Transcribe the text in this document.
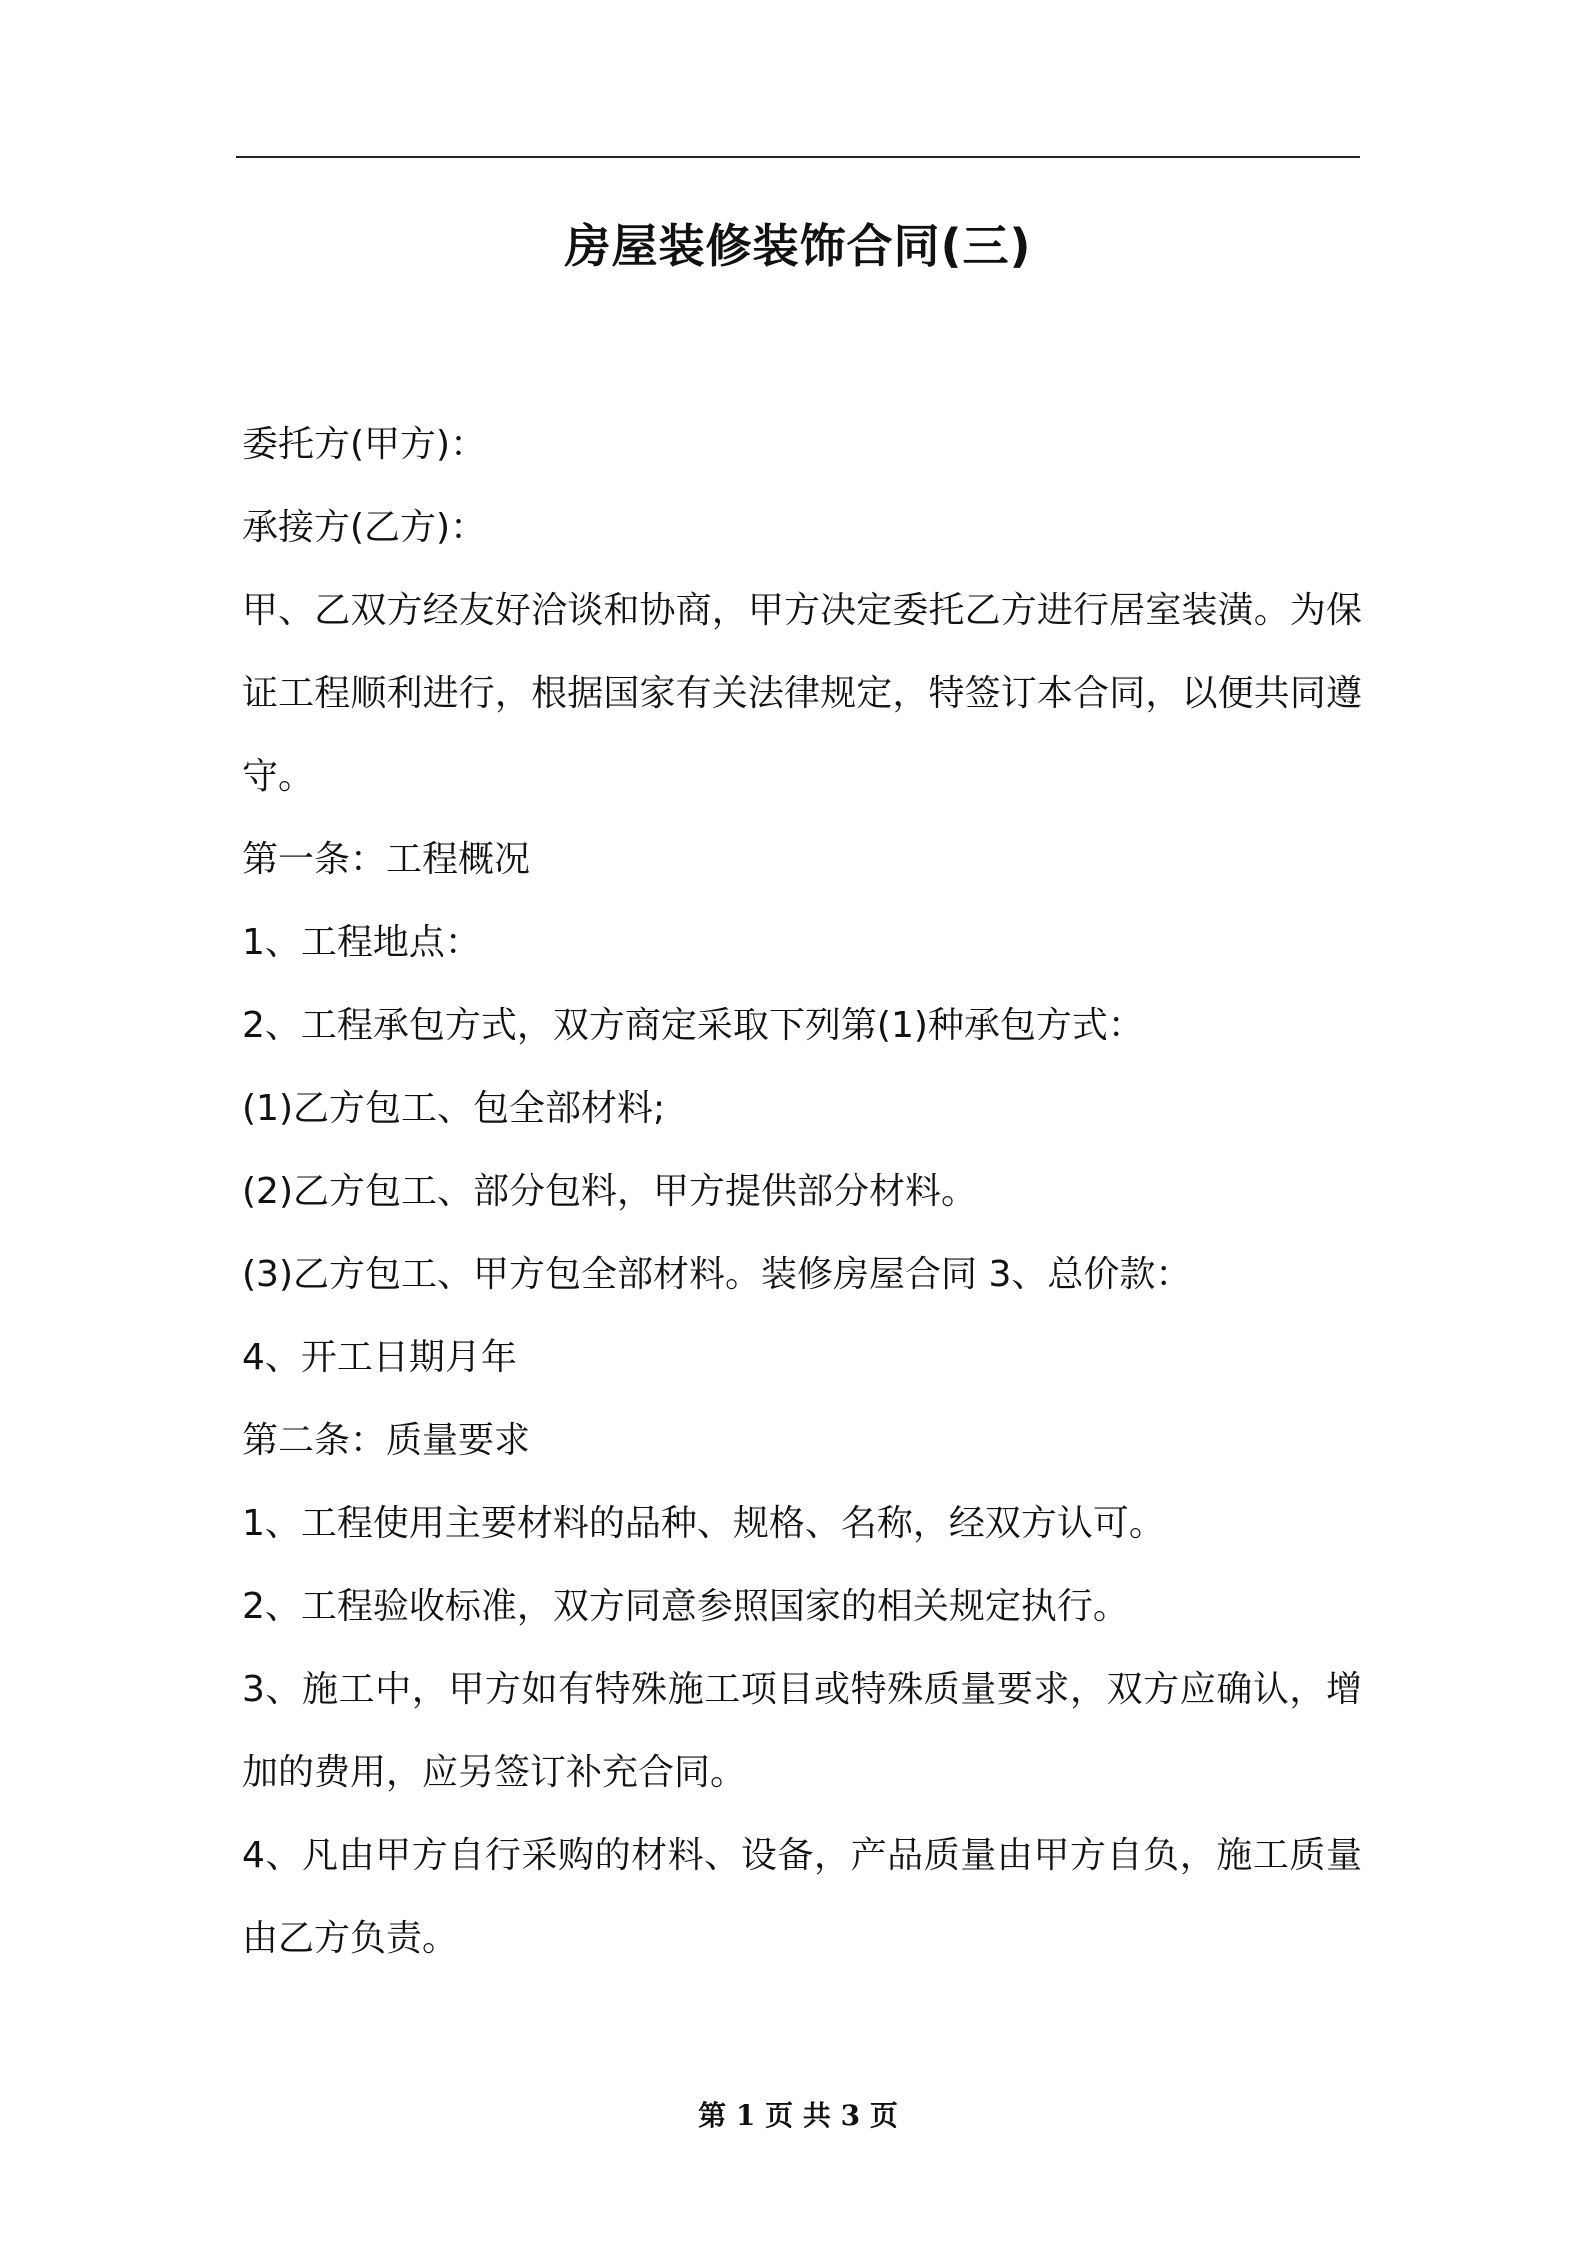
房屋装修装饰合同(三)

委托方(甲方)：

承接方(乙方)：

甲、乙双方经友好洽谈和协商，甲方决定委托乙方进行居室装潢。为保证工程顺利进行，根据国家有关法律规定，特签订本合同，以便共同遵守。

第一条：工程概况

1、工程地点：

2、工程承包方式，双方商定采取下列第(1)种承包方式：

(1)乙方包工、包全部材料;

(2)乙方包工、部分包料，甲方提供部分材料。

(3)乙方包工、甲方包全部材料。装修房屋合同 3、总价款：

4、开工日期月年

第二条：质量要求

1、工程使用主要材料的品种、规格、名称，经双方认可。

2、工程验收标准，双方同意参照国家的相关规定执行。

3、施工中，甲方如有特殊施工项目或特殊质量要求，双方应确认，增加的费用，应另签订补充合同。

4、凡由甲方自行采购的材料、设备，产品质量由甲方自负，施工质量由乙方负责。

第 1 页 共 3 页
